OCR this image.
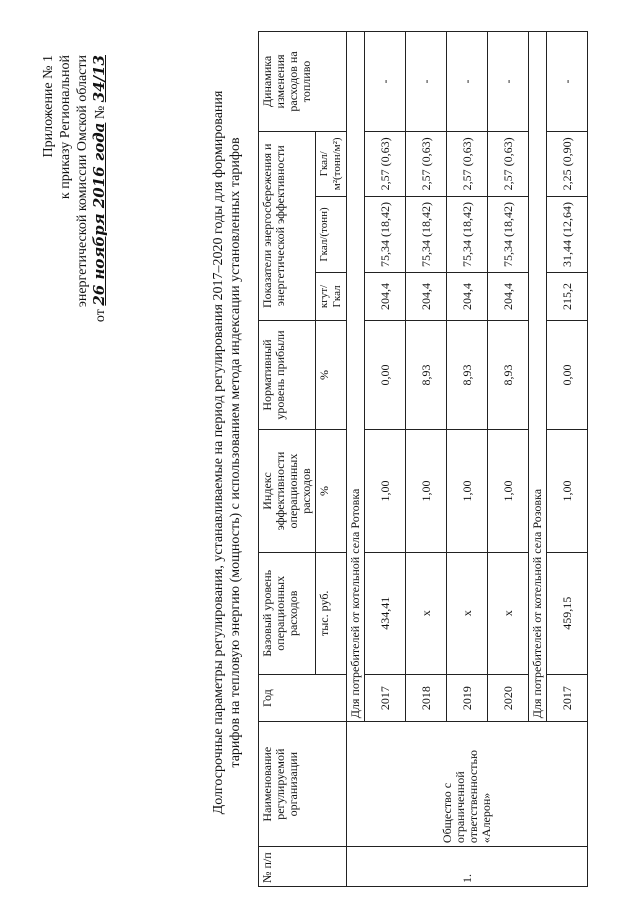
Приложение № 1 к приказу Региональной энергетической комиссии Омской области
от 26 ноября 2016 года № 34/13
Долгосрочные параметры регулирования, устанавливаемые на период регулирования 2017–2020 годы для формирования тарифов на тепловую энергию (мощность) с использованием метода индексации установленных тарифов
№ п/п	Наименование регулируемой организации	Год	Базовый уровень операционных расходов	Индекс эффективности операционных расходов	Нормативный уровень прибыли	Показатели энергосбережения и энергетической эффективности			Динамика изменения расходов на топливо
			тыс. руб.	%	%	кгут/ Гкал	Гкал/(тонн)	Гкал/м²(тонн/м²)	
1.	Общество с ограниченной ответственностью «Алерон»	Для потребителей от котельной села Ротовка							
		2017	434,41	1,00	0,00	204,4	75,34 (18,42)	2,57 (0,63)	-
		2018	x	1,00	8,93	204,4	75,34 (18,42)	2,57 (0,63)	-
		2019	x	1,00	8,93	204,4	75,34 (18,42)	2,57 (0,63)	-
		2020	x	1,00	8,93	204,4	75,34 (18,42)	2,57 (0,63)	-
		Для потребителей от котельной села Розовка							
		2017	459,15	1,00	0,00	215,2	31,44 (12,64)	2,25 (0,90)	-
